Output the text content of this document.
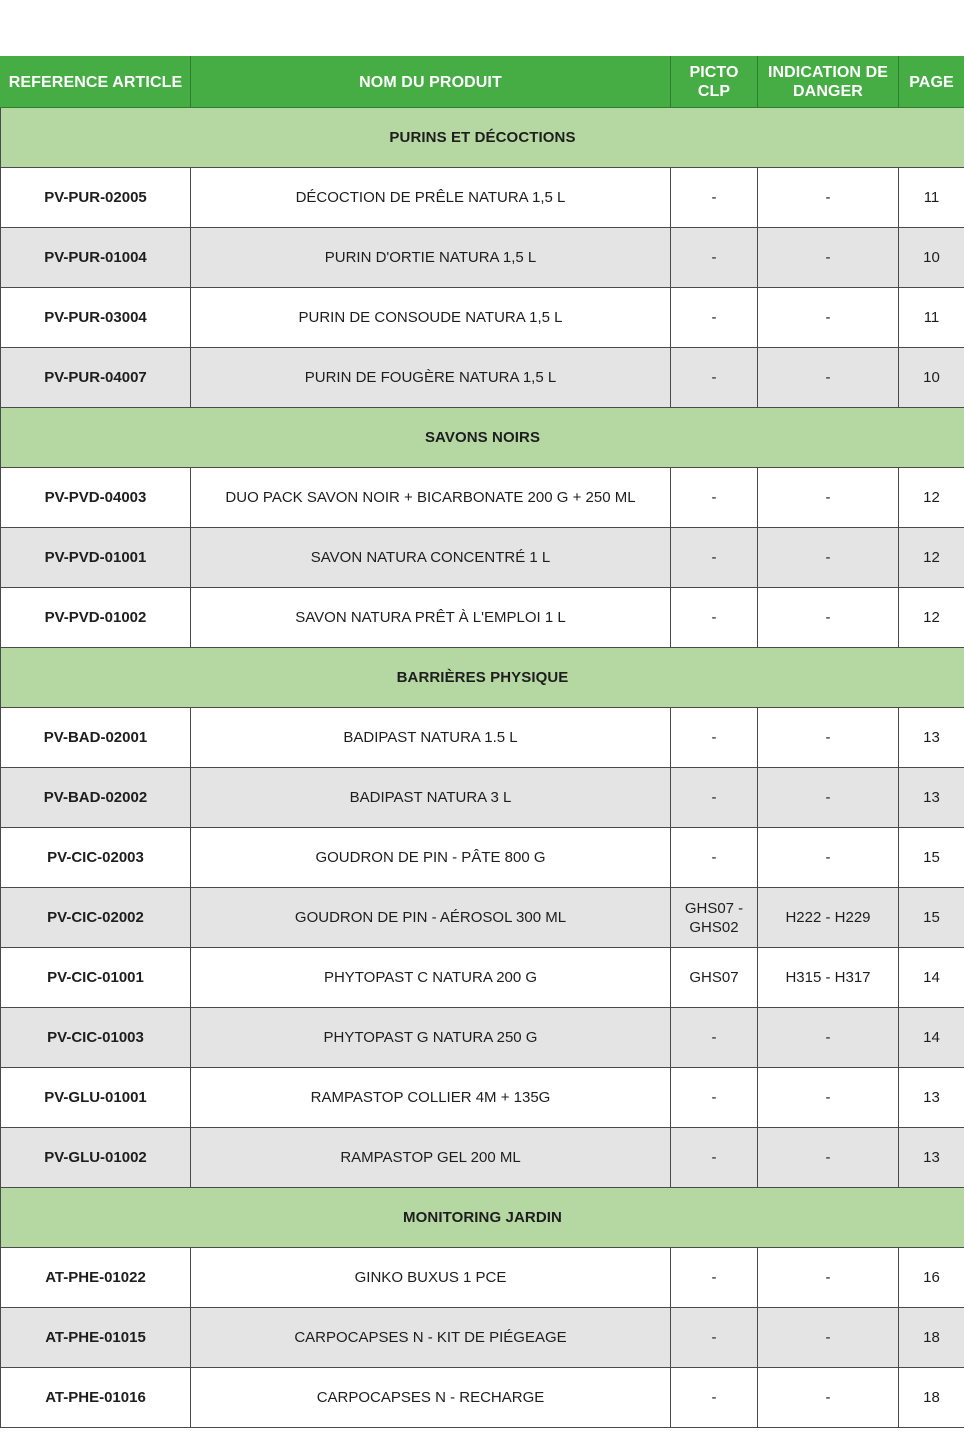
REFERENCE ARTICLE	NOM DU PRODUIT	PICTO CLP	INDICATION DE DANGER	PAGE
PURINS ET DÉCOCTIONS				
PV-PUR-02005	DÉCOCTION DE PRÊLE NATURA 1,5 L	-	-	11
PV-PUR-01004	PURIN D'ORTIE NATURA 1,5 L	-	-	10
PV-PUR-03004	PURIN DE CONSOUDE NATURA 1,5 L	-	-	11
PV-PUR-04007	PURIN DE FOUGÈRE NATURA 1,5 L	-	-	10
SAVONS NOIRS				
PV-PVD-04003	DUO PACK SAVON NOIR + BICARBONATE 200 G + 250 ML	-	-	12
PV-PVD-01001	SAVON NATURA CONCENTRÉ 1 L	-	-	12
PV-PVD-01002	SAVON NATURA PRÊT À L'EMPLOI 1 L	-	-	12
BARRIÈRES PHYSIQUE				
PV-BAD-02001	BADIPAST NATURA 1.5 L	-	-	13
PV-BAD-02002	BADIPAST NATURA 3 L	-	-	13
PV-CIC-02003	GOUDRON DE PIN - PÂTE 800 G	-	-	15
PV-CIC-02002	GOUDRON DE PIN - AÉROSOL 300 ML	GHS07 - GHS02	H222 - H229	15
PV-CIC-01001	PHYTOPAST C NATURA 200 G	GHS07	H315 - H317	14
PV-CIC-01003	PHYTOPAST G NATURA 250 G	-	-	14
PV-GLU-01001	RAMPASTOP COLLIER 4M + 135G	-	-	13
PV-GLU-01002	RAMPASTOP GEL 200 ML	-	-	13
MONITORING JARDIN				
AT-PHE-01022	GINKO BUXUS 1 PCE	-	-	16
AT-PHE-01015	CARPOCAPSES N - KIT DE PIÉGEAGE	-	-	18
AT-PHE-01016	CARPOCAPSES N - RECHARGE	-	-	18
